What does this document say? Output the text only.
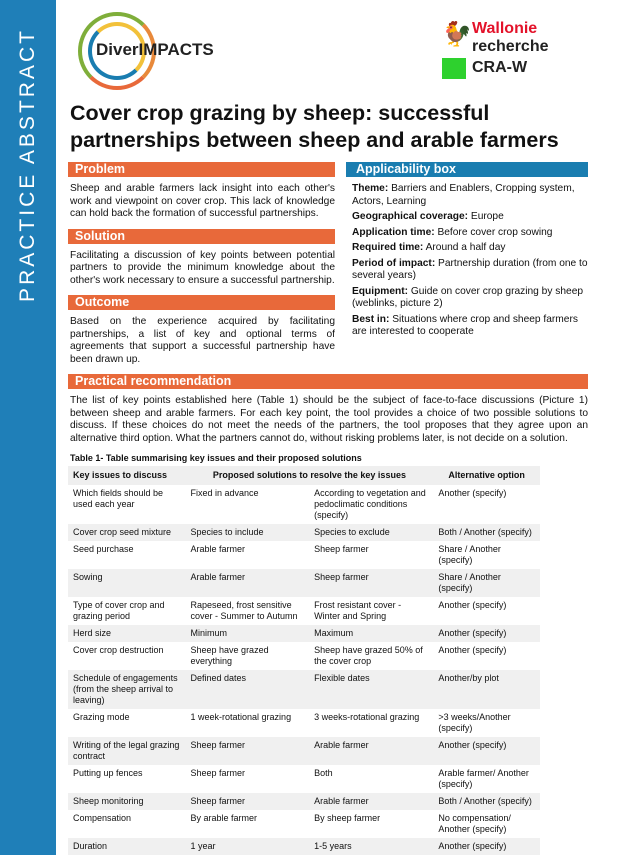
PRACTICE ABSTRACT	DiverIMPACTS
🐓 Wallonie
recherche
CRA-W
Cover crop grazing by sheep: successful partnerships between sheep and arable farmers
Problem
Sheep and arable farmers lack insight into each other's work and viewpoint on cover crop. This lack of knowledge can hold back the formation of successful partnerships.
Solution
Facilitating a discussion of key points between potential partners to provide the minimum knowledge about the other's work necessary to ensure a successful partnership.
Outcome
Based on the experience acquired by facilitating partnerships, a list of key and optional terms of agreements that support a successful partnership have been drawn up.
Applicability box
Theme: Barriers and Enablers, Cropping system, Actors, Learning
Geographical coverage: Europe
Application time: Before cover crop sowing
Required time: Around a half day
Period of impact: Partnership duration (from one to several years)
Equipment: Guide on cover crop grazing by sheep (weblinks, picture 2)
Best in: Situations where crop and sheep farmers are interested to cooperate
Practical recommendation
The list of key points established here (Table 1) should be the subject of face-to-face discussions (Picture 1) between sheep and arable farmers. For each key point, the tool provides a choice of two possible solutions to discuss. If these choices do not meet the needs of the partners, the tool proposes that they agree upon an alternative third option. What the partners cannot do, without risking problems later, is not decide on a solution.
Table 1- Table summarising key issues and their proposed solutions
Key issues to discuss	Proposed solutions to resolve the key issues		Alternative option
Which fields should be used each year	Fixed in advance	According to vegetation and pedoclimatic conditions (specify)	Another (specify)
Cover crop seed mixture	Species to include	Species to exclude	Both / Another (specify)
Seed purchase	Arable farmer	Sheep farmer	Share / Another (specify)
Sowing	Arable farmer	Sheep farmer	Share / Another (specify)
Type of cover crop and grazing period	Rapeseed, frost sensitive cover - Summer to Autumn	Frost resistant cover - Winter and Spring	Another (specify)
Herd size	Minimum	Maximum	Another (specify)
Cover crop destruction	Sheep have grazed everything	Sheep have grazed 50% of the cover crop	Another (specify)
Schedule of engagements (from the sheep arrival to leaving)	Defined dates	Flexible dates	Another/by plot
Grazing mode	1 week-rotational grazing	3 weeks-rotational grazing	>3 weeks/Another (specify)
Writing of the legal grazing contract	Sheep farmer	Arable farmer	Another (specify)
Putting up fences	Sheep farmer	Both	Arable farmer/ Another (specify)
Sheep monitoring	Sheep farmer	Arable farmer	Both / Another (specify)
Compensation	By arable farmer	By sheep farmer	No compensation/ Another (specify)
Duration	1 year	1-5 years	Another (specify)
